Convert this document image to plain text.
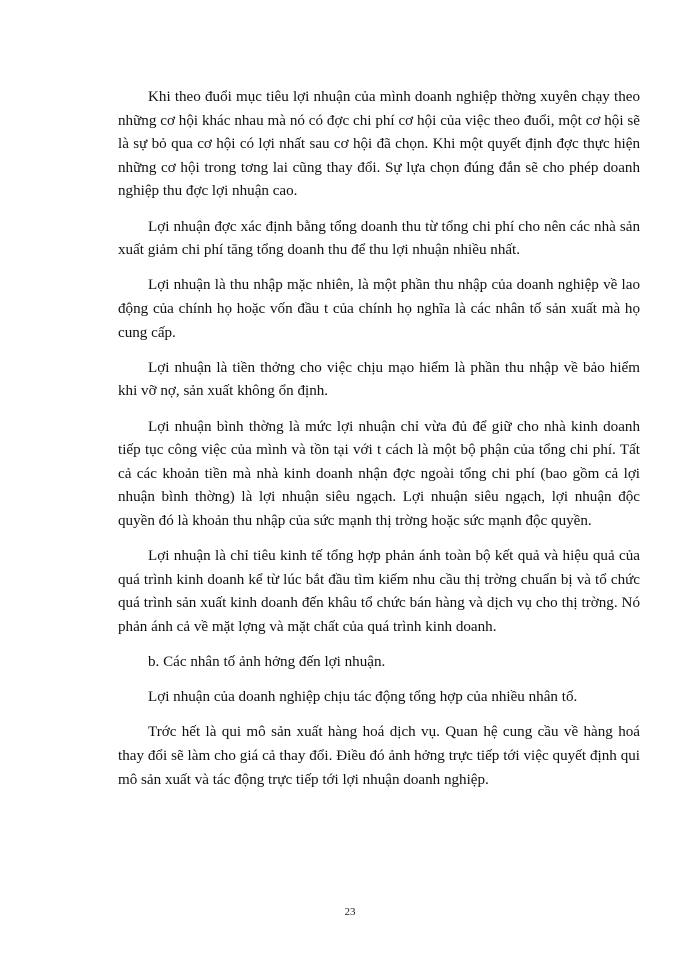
Khi theo đuổi mục tiêu lợi nhuận của mình doanh nghiệp thờng xuyên chạy theo những cơ hội khác nhau mà nó có đợc chi phí cơ hội của việc theo đuổi, một cơ hội sẽ là sự bỏ qua cơ hội có lợi nhất sau cơ hội đã chọn. Khi một quyết định đợc thực hiện những cơ hội trong tơng lai cũng thay đổi. Sự lựa chọn đúng đắn sẽ cho phép doanh nghiệp thu đợc lợi nhuận cao.

Lợi nhuận đợc xác định bằng tổng doanh thu từ tổng chi phí cho nên các nhà sản xuất giảm chi phí tăng tổng doanh thu để thu lợi nhuận nhiều nhất.

Lợi nhuận là thu nhập mặc nhiên, là một phần thu nhập của doanh nghiệp về lao động của chính họ hoặc vốn đầu t của chính họ nghĩa là các nhân tố sản xuất mà họ cung cấp.

Lợi nhuận là tiền thởng cho việc chịu mạo hiểm là phần thu nhập về bảo hiểm khi vỡ nợ, sản xuất không ổn định.

Lợi nhuận bình thờng là mức lợi nhuận chỉ vừa đủ để giữ cho nhà kinh doanh tiếp tục công việc của mình và tồn tại với t cách là một bộ phận của tổng chi phí. Tất cả các khoản tiền mà nhà kinh doanh nhận đợc ngoài tổng chi phí (bao gồm cả lợi nhuận bình thờng) là lợi nhuận siêu ngạch. Lợi nhuận siêu ngạch, lợi nhuận độc quyền đó là khoản thu nhập của sức mạnh thị trờng hoặc sức mạnh độc quyền.

Lợi nhuận là chỉ tiêu kinh tế tổng hợp phản ánh toàn bộ kết quả và hiệu quả của quá trình kinh doanh kể từ lúc bắt đầu tìm kiếm nhu cầu thị trờng chuẩn bị và tổ chức quá trình sản xuất kinh doanh đến khâu tổ chức bán hàng và dịch vụ cho thị trờng. Nó phản ánh cả về mặt lợng và mặt chất của quá trình kinh doanh.

b. Các nhân tố ảnh hởng đến lợi nhuận.

Lợi nhuận của doanh nghiệp chịu tác động tổng hợp của nhiều nhân tố.

Trớc hết là qui mô sản xuất hàng hoá dịch vụ. Quan hệ cung cầu về hàng hoá thay đổi sẽ làm cho giá cả thay đổi. Điều đó ảnh hởng trực tiếp tới việc quyết định qui mô sản xuất và tác động trực tiếp tới lợi nhuận doanh nghiệp.

23
